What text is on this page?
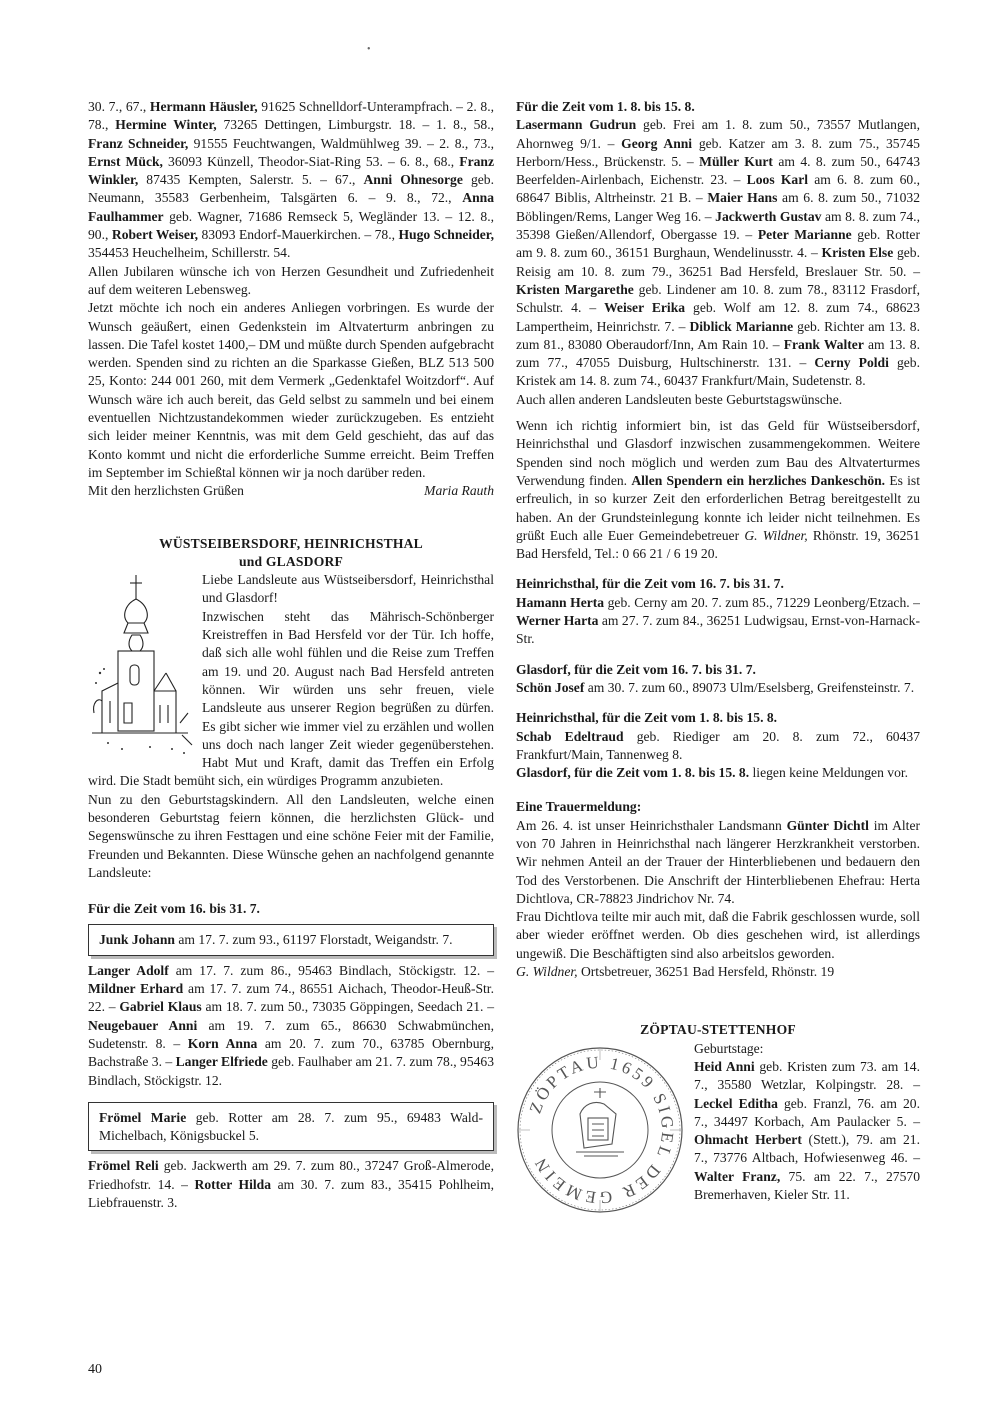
•

30. 7., 67., Hermann Häusler, 91625 Schnelldorf-Unterampfrach. – 2. 8., 78., Hermine Winter, 73265 Dettingen, Limburgstr. 18. – 1. 8., 58., Franz Schneider, 91555 Feuchtwangen, Waldmühlweg 39. – 2. 8., 73., Ernst Mück, 36093 Künzell, Theodor-Siat-Ring 53. – 6. 8., 68., Franz Winkler, 87435 Kempten, Salerstr. 5. – 67., Anni Ohnesorge geb. Neumann, 35583 Gerbenheim, Talsgärten 6. – 9. 8., 72., Anna Faulhammer geb. Wagner, 71686 Remseck 5, Wegländer 13. – 12. 8., 90., Robert Weiser, 83093 Endorf-Mauerkirchen. – 78., Hugo Schneider, 354453 Heuchelheim, Schillerstr. 54.

Allen Jubilaren wünsche ich von Herzen Gesundheit und Zufriedenheit auf dem weiteren Lebensweg.

Jetzt möchte ich noch ein anderes Anliegen vorbringen. Es wurde der Wunsch geäußert, einen Gedenkstein im Altvaterturm anbringen zu lassen. Die Tafel kostet 1400,– DM und müßte durch Spenden aufgebracht werden. Spenden sind zu richten an die Sparkasse Gießen, BLZ 513 500 25, Konto: 244 001 260, mit dem Vermerk „Gedenktafel Woitzdorf“. Auf Wunsch wäre ich auch bereit, das Geld selbst zu sammeln und bei einem eventuellen Nichtzustandekommen wieder zurückzugeben. Es entzieht sich leider meiner Kenntnis, was mit dem Geld geschieht, das auf das Konto kommt und nicht die erforderliche Summe erreicht. Beim Treffen im September im Schießtal können wir ja noch darüber reden.

Mit den herzlichsten Grüßen	Maria Rauth

WÜSTSEIBERSDORF, HEINRICHSTHAL
und GLASDORF

Liebe Landsleute aus Wüstseibersdorf, Heinrichsthal und Glasdorf!

Inzwischen steht das Mährisch-Schönberger Kreistreffen in Bad Hersfeld vor der Tür. Ich hoffe, daß sich alle wohl fühlen und die Reise zum Treffen am 19. und 20. August nach Bad Hersfeld antreten können. Wir würden uns sehr freuen, viele Landsleute aus unserer Region begrüßen zu dürfen. Es gibt sicher wie immer viel zu erzählen und wollen uns doch nach langer Zeit wieder gegenüberstehen. Habt Mut und Kraft, damit das Treffen ein Erfolg wird. Die Stadt bemüht sich, ein würdiges Programm anzubieten.

Nun zu den Geburtstagskindern. All den Landsleuten, welche einen besonderen Geburtstag feiern können, die herzlichsten Glück- und Segenswünsche zu ihren Festtagen und eine schöne Feier mit der Familie, Freunden und Bekannten. Diese Wünsche gehen an nachfolgend genannte Landsleute:

Für die Zeit vom 16. bis 31. 7.

Junk Johann am 17. 7. zum 93., 61197 Florstadt, Weigandstr. 7.

Langer Adolf am 17. 7. zum 86., 95463 Bindlach, Stöckigstr. 12. – Mildner Erhard am 17. 7. zum 74., 86551 Aichach, Theodor-Heuß-Str. 22. – Gabriel Klaus am 18. 7. zum 50., 73035 Göppingen, Seedach 21. – Neugebauer Anni am 19. 7. zum 65., 86630 Schwabmünchen, Sudetenstr. 8. – Korn Anna am 20. 7. zum 70., 63785 Obernburg, Bachstraße 3. – Langer Elfriede geb. Faulhaber am 21. 7. zum 78., 95463 Bindlach, Stöckigstr. 12.

Frömel Marie geb. Rotter am 28. 7. zum 95., 69483 Wald-Michelbach, Königsbuckel 5.

Frömel Reli geb. Jackwerth am 29. 7. zum 80., 37247 Groß-Almerode, Friedhofstr. 14. – Rotter Hilda am 30. 7. zum 83., 35415 Pohlheim, Liebfrauenstr. 3.

Für die Zeit vom 1. 8. bis 15. 8.

Lasermann Gudrun geb. Frei am 1. 8. zum 50., 73557 Mutlangen, Ahornweg 9/1. – Georg Anni geb. Katzer am 3. 8. zum 75., 35745 Herborn/Hess., Brückenstr. 5. – Müller Kurt am 4. 8. zum 50., 64743 Beerfelden-Airlenbach, Eichenstr. 23. – Loos Karl am 6. 8. zum 60., 68647 Biblis, Altrheinstr. 21 B. – Maier Hans am 6. 8. zum 50., 71032 Böblingen/Rems, Langer Weg 16. – Jackwerth Gustav am 8. 8. zum 74., 35398 Gießen/Allendorf, Obergasse 19. – Peter Marianne geb. Rotter am 9. 8. zum 60., 36151 Burghaun, Wendelinusstr. 4. – Kristen Else geb. Reisig am 10. 8. zum 79., 36251 Bad Hersfeld, Breslauer Str. 50. – Kristen Margarethe geb. Lindener am 10. 8. zum 78., 83112 Frasdorf, Schulstr. 4. – Weiser Erika geb. Wolf am 12. 8. zum 74., 68623 Lampertheim, Heinrichstr. 7. – Diblick Marianne geb. Richter am 13. 8. zum 81., 83080 Oberaudorf/Inn, Am Rain 10. – Frank Walter am 13. 8. zum 77., 47055 Duisburg, Hultschinerstr. 131. – Cerny Poldi geb. Kristek am 14. 8. zum 74., 60437 Frankfurt/Main, Sudetenstr. 8.

Auch allen anderen Landsleuten beste Geburtstagswünsche.

Wenn ich richtig informiert bin, ist das Geld für Wüstseibersdorf, Heinrichsthal und Glasdorf inzwischen zusammengekommen. Weitere Spenden sind noch möglich und werden zum Bau des Altvaterturmes Verwendung finden. Allen Spendern ein herzliches Dankeschön. Es ist erfreulich, in so kurzer Zeit den erforderlichen Betrag bereitgestellt zu haben. An der Grundsteinlegung konnte ich leider nicht teilnehmen. Es grüßt Euch alle Euer Gemeindebetreuer G. Wildner, Rhönstr. 19, 36251 Bad Hersfeld, Tel.: 0 66 21 / 6 19 20.

Heinrichsthal, für die Zeit vom 16. 7. bis 31. 7.

Hamann Herta geb. Cerny am 20. 7. zum 85., 71229 Leonberg/Etzach. – Werner Harta am 27. 7. zum 84., 36251 Ludwigsau, Ernst-von-Harnack-Str.

Glasdorf, für die Zeit vom 16. 7. bis 31. 7.

Schön Josef am 30. 7. zum 60., 89073 Ulm/Eselsberg, Greifensteinstr. 7.

Heinrichsthal, für die Zeit vom 1. 8. bis 15. 8.

Schab Edeltraud geb. Riediger am 20. 8. zum 72., 60437 Frankfurt/Main, Tannenweg 8.

Glasdorf, für die Zeit vom 1. 8. bis 15. 8. liegen keine Meldungen vor.

Eine Trauermeldung:

Am 26. 4. ist unser Heinrichsthaler Landsmann Günter Dichtl im Alter von 70 Jahren in Heinrichsthal nach längerer Herzkrankheit verstorben. Wir nehmen Anteil an der Trauer der Hinterbliebenen und bedauern den Tod des Verstorbenen. Die Anschrift der Hinterbliebenen Ehefrau: Herta Dichtlova, CR-78823 Jindrichov Nr. 74.

Frau Dichtlova teilte mir auch mit, daß die Fabrik geschlossen wurde, soll aber wieder eröffnet werden. Ob dies geschehen wird, ist allerdings ungewiß. Die Beschäftigten sind also arbeitslos geworden.

G. Wildner, Ortsbetreuer, 36251 Bad Hersfeld, Rhönstr. 19

ZÖPTAU-STETTENHOF
ZÖPTAU 1659 SIGEL DER GEMEIN

Geburtstage:

Heid Anni geb. Kristen zum 73. am 14. 7., 35580 Wetzlar, Kolpingstr. 28. – Leckel Editha geb. Franzl, 76. am 20. 7., 34497 Korbach, Am Paulacker 5. – Ohmacht Herbert (Stett.), 79. am 21. 7., 73776 Altbach, Hofwiesenweg 46. – Walter Franz, 75. am 22. 7., 27570 Bremerhaven, Kieler Str. 11.

40
